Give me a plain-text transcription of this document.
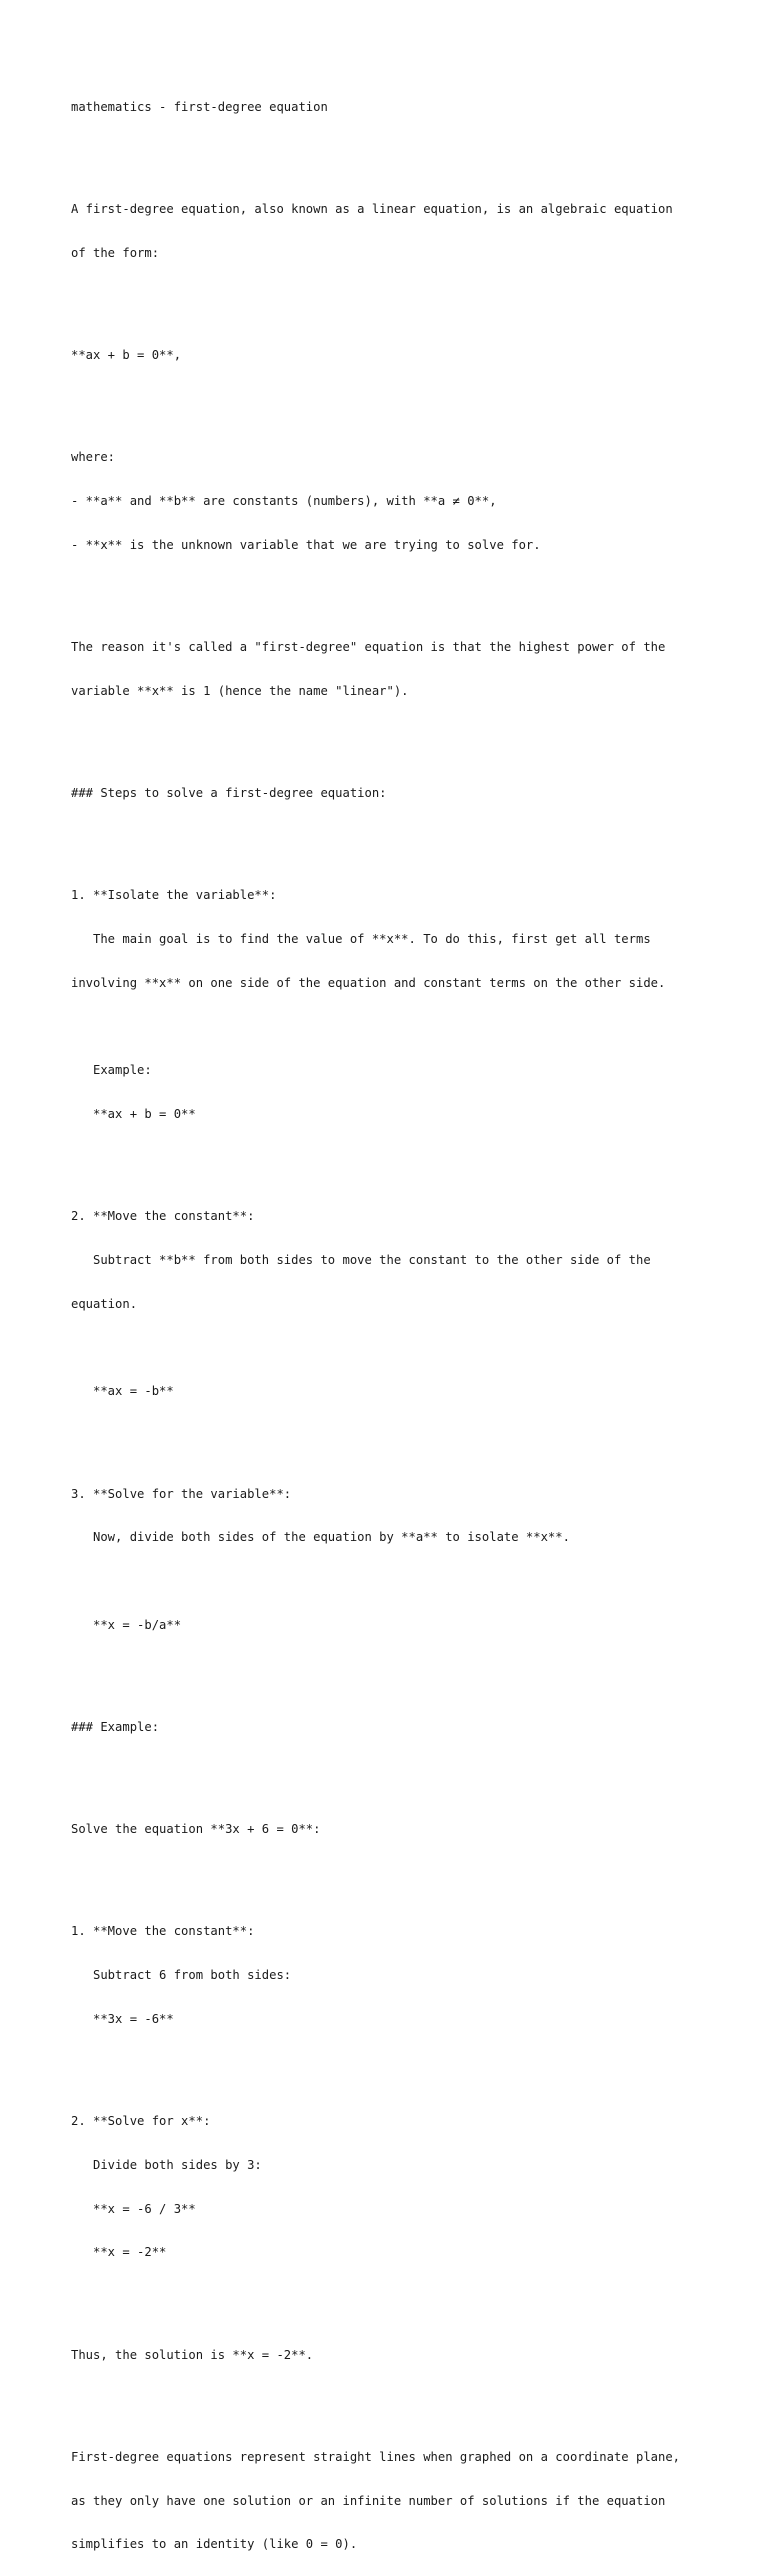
mathematics - first-degree equation

A first-degree equation, also known as a linear equation, is an algebraic equation

of the form:

**ax + b = 0**,

where:

- **a** and **b** are constants (numbers), with **a ≠ 0**,

- **x** is the unknown variable that we are trying to solve for.

The reason it's called a "first-degree" equation is that the highest power of the

variable **x** is 1 (hence the name "linear").

### Steps to solve a first-degree equation:

1. **Isolate the variable**:

The main goal is to find the value of **x**. To do this, first get all terms

involving **x** on one side of the equation and constant terms on the other side.

Example:

**ax + b = 0**

2. **Move the constant**:

Subtract **b** from both sides to move the constant to the other side of the

equation.

**ax = -b**

3. **Solve for the variable**:

Now, divide both sides of the equation by **a** to isolate **x**.

**x = -b/a**

### Example:

Solve the equation **3x + 6 = 0**:

1. **Move the constant**:

Subtract 6 from both sides:

**3x = -6**

2. **Solve for x**:

Divide both sides by 3:

**x = -6 / 3**

**x = -2**

Thus, the solution is **x = -2**.

First-degree equations represent straight lines when graphed on a coordinate plane,

as they only have one solution or an infinite number of solutions if the equation

simplifies to an identity (like 0 = 0).
